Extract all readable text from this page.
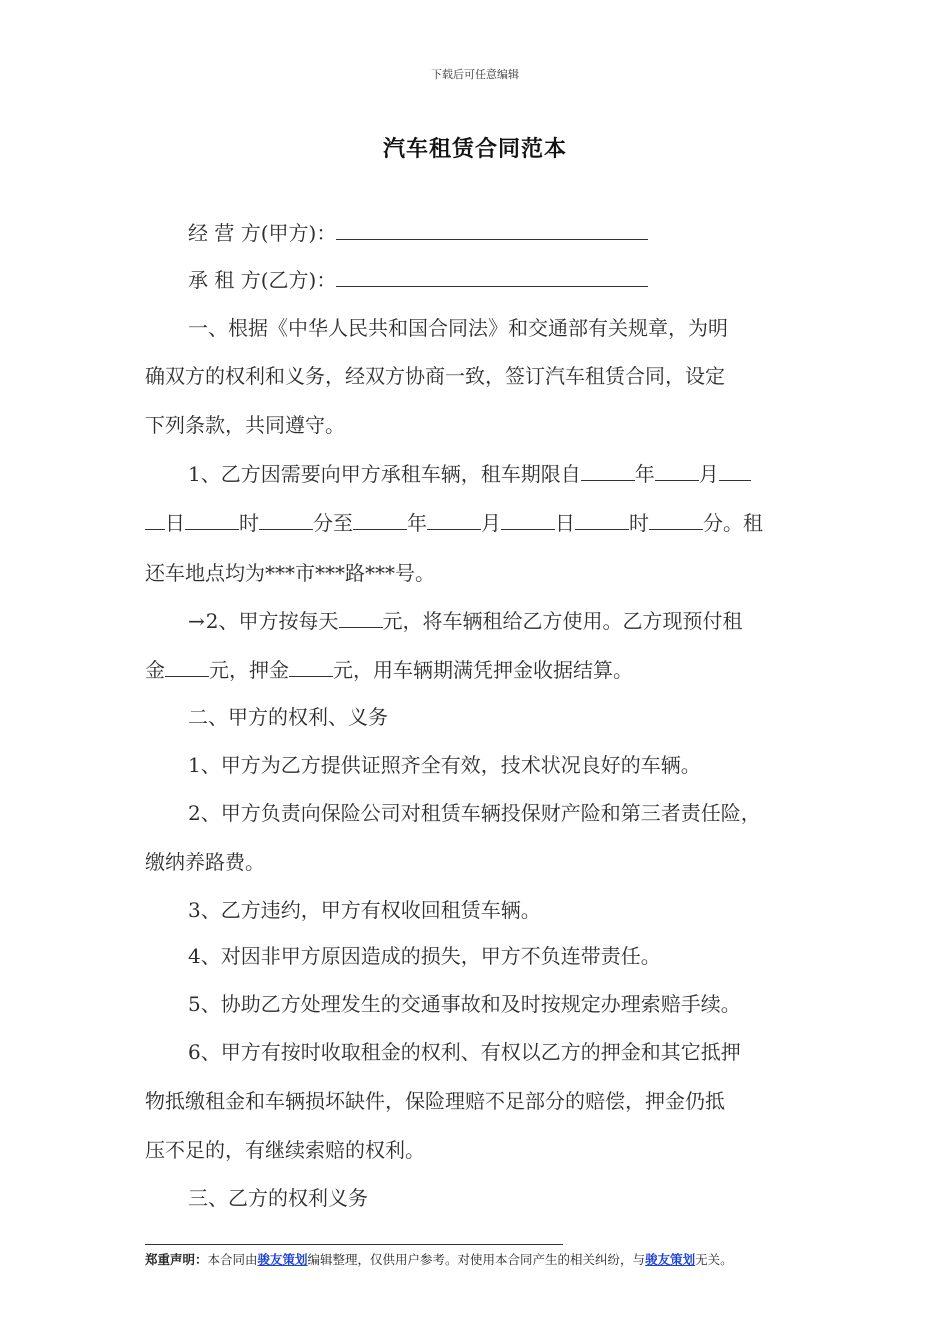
下载后可任意编辑
汽车租赁合同范本
经 营 方(甲方)：
承 租 方(乙方)：
一、根据《中华人民共和国合同法》和交通部有关规章，为明
确双方的权利和义务，经双方协商一致，签订汽车租赁合同，设定
下列条款，共同遵守。
1、乙方因需要向甲方承租车辆，租车期限自	年 月
日	时	分至	年	月	日	时	分。租
还车地点均为***市***路***号。
→2、甲方按每天 元，将车辆租给乙方使用。乙方现预付租
金 元，押金 元，用车辆期满凭押金收据结算。
二、甲方的权利、义务
1、甲方为乙方提供证照齐全有效，技术状况良好的车辆。
2、甲方负责向保险公司对租赁车辆投保财产险和第三者责任险，
缴纳养路费。
3、乙方违约，甲方有权收回租赁车辆。
4、对因非甲方原因造成的损失，甲方不负连带责任。
5、协助乙方处理发生的交通事故和及时按规定办理索赔手续。
6、甲方有按时收取租金的权利、有权以乙方的押金和其它抵押
物抵缴租金和车辆损坏缺件，保险理赔不足部分的赔偿，押金仍抵
压不足的，有继续索赔的权利。
三、乙方的权利义务
郑重声明：本合同由骏友策划编辑整理，仅供用户参考。对使用本合同产生的相关纠纷，与骏友策划无关。
